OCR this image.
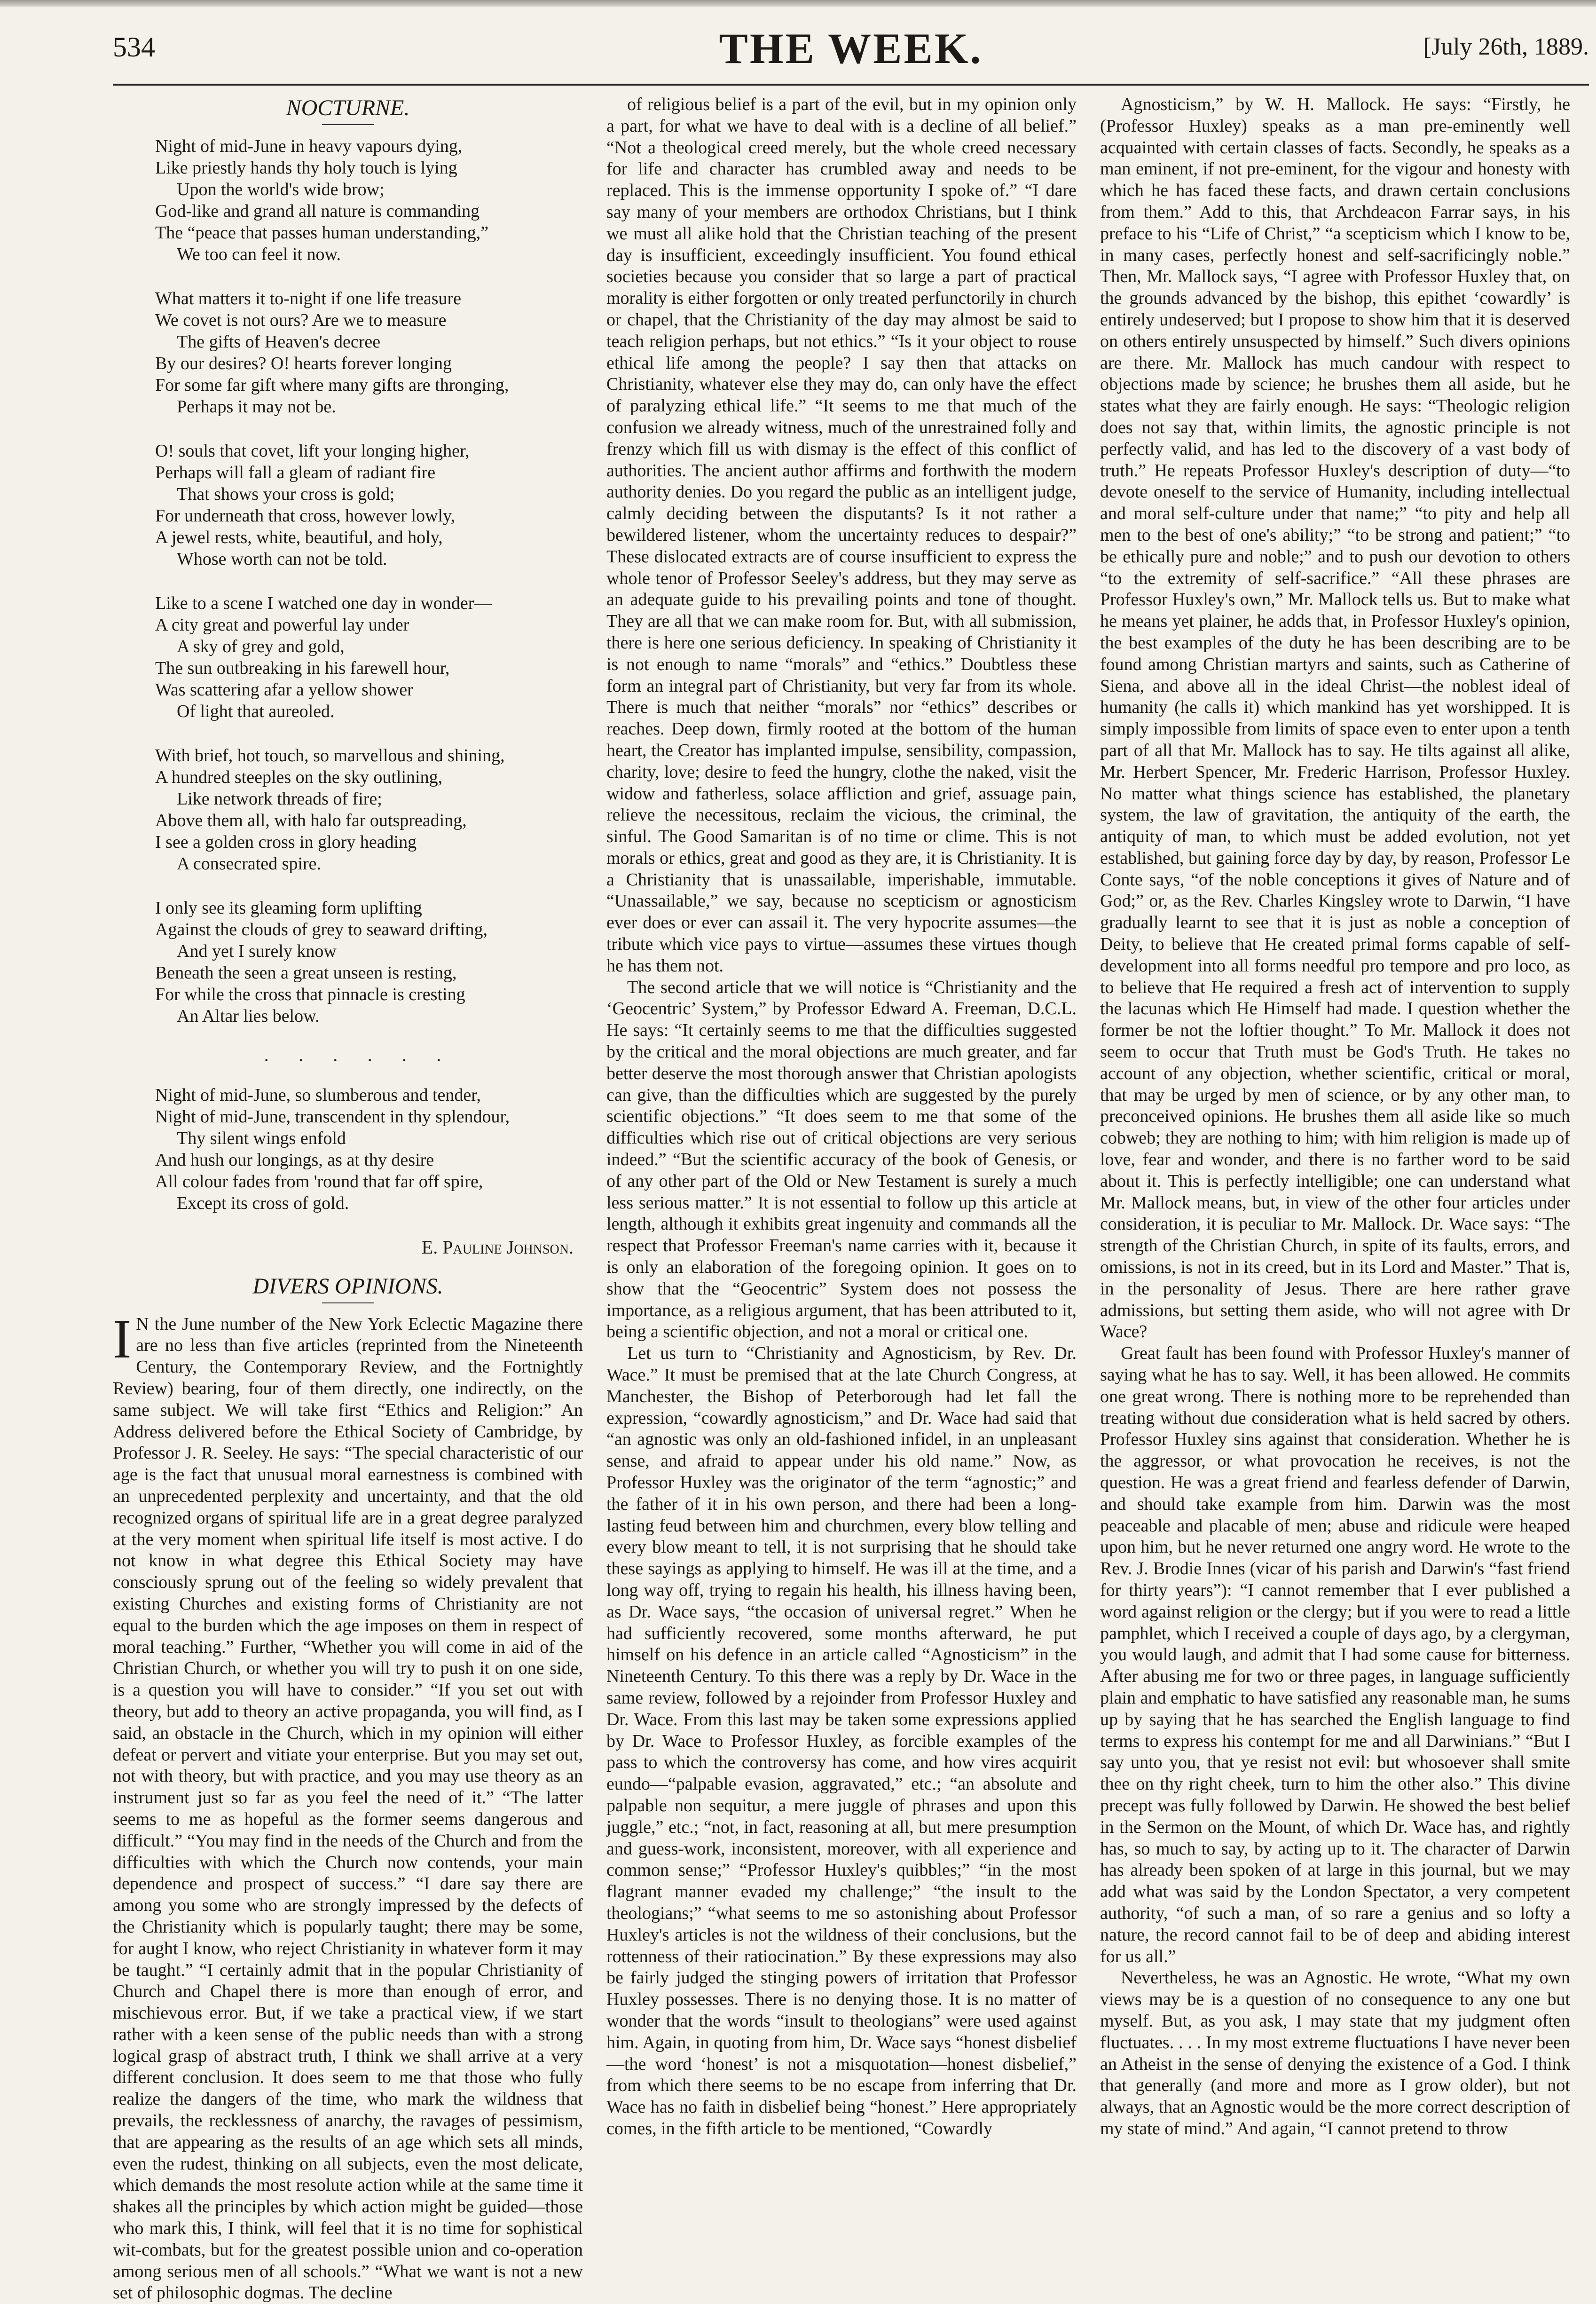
534	THE WEEK.	[July 26th, 1889.
NOCTURNE.
Night of mid-June in heavy vapours dying,
Like priestly hands thy holy touch is lying
Upon the world's wide brow;
God-like and grand all nature is commanding
The “peace that passes human understanding,”
We too can feel it now.
What matters it to-night if one life treasure
We covet is not ours? Are we to measure
The gifts of Heaven's decree
By our desires? O! hearts forever longing
For some far gift where many gifts are thronging,
Perhaps it may not be.
O! souls that covet, lift your longing higher,
Perhaps will fall a gleam of radiant fire
That shows your cross is gold;
For underneath that cross, however lowly,
A jewel rests, white, beautiful, and holy,
Whose worth can not be told.
Like to a scene I watched one day in wonder—
A city great and powerful lay under
A sky of grey and gold,
The sun outbreaking in his farewell hour,
Was scattering afar a yellow shower
Of light that aureoled.
With brief, hot touch, so marvellous and shining,
A hundred steeples on the sky outlining,
Like network threads of fire;
Above them all, with halo far outspreading,
I see a golden cross in glory heading
A consecrated spire.
I only see its gleaming form uplifting
Against the clouds of grey to seaward drifting,
And yet I surely know
Beneath the seen a great unseen is resting,
For while the cross that pinnacle is cresting
An Altar lies below.
······
Night of mid-June, so slumberous and tender,
Night of mid-June, transcendent in thy splendour,
Thy silent wings enfold
And hush our longings, as at thy desire
All colour fades from 'round that far off spire,
Except its cross of gold.
E. Pauline Johnson.
DIVERS OPINIONS.

I N the June number of the New York Eclectic Magazine there are no less than five articles (reprinted from the Nineteenth Century, the Contemporary Review, and the Fortnightly Review) bearing, four of them directly, one indirectly, on the same subject. We will take first “Ethics and Religion:” An Address delivered before the Ethical Society of Cambridge, by Professor J. R. Seeley. He says: “The special characteristic of our age is the fact that unusual moral earnestness is combined with an unprecedented perplexity and uncertainty, and that the old recognized organs of spiritual life are in a great degree paralyzed at the very moment when spiritual life itself is most active. I do not know in what degree this Ethical Society may have consciously sprung out of the feeling so widely prevalent that existing Churches and existing forms of Christianity are not equal to the burden which the age imposes on them in respect of moral teaching.” Further, “Whether you will come in aid of the Christian Church, or whether you will try to push it on one side, is a question you will have to consider.” “If you set out with theory, but add to theory an active propaganda, you will find, as I said, an obstacle in the Church, which in my opinion will either defeat or pervert and vitiate your enterprise. But you may set out, not with theory, but with practice, and you may use theory as an instrument just so far as you feel the need of it.” “The latter seems to me as hopeful as the former seems dangerous and difficult.” “You may find in the needs of the Church and from the difficulties with which the Church now contends, your main dependence and prospect of success.” “I dare say there are among you some who are strongly impressed by the defects of the Christianity which is popularly taught; there may be some, for aught I know, who reject Christianity in whatever form it may be taught.” “I certainly admit that in the popular Christianity of Church and Chapel there is more than enough of error, and mischievous error. But, if we take a practical view, if we start rather with a keen sense of the public needs than with a strong logical grasp of abstract truth, I think we shall arrive at a very different conclusion. It does seem to me that those who fully realize the dangers of the time, who mark the wildness that prevails, the recklessness of anarchy, the ravages of pessimism, that are appearing as the results of an age which sets all minds, even the rudest, thinking on all subjects, even the most delicate, which demands the most resolute action while at the same time it shakes all the principles by which action might be guided—those who mark this, I think, will feel that it is no time for sophistical wit-combats, but for the greatest possible union and co-operation among serious men of all schools.” “What we want is not a new set of philosophic dogmas. The decline

of religious belief is a part of the evil, but in my opinion only a part, for what we have to deal with is a decline of all belief.” “Not a theological creed merely, but the whole creed necessary for life and character has crumbled away and needs to be replaced. This is the immense opportunity I spoke of.” “I dare say many of your members are orthodox Christians, but I think we must all alike hold that the Christian teaching of the present day is insufficient, exceedingly insufficient. You found ethical societies because you consider that so large a part of practical morality is either forgotten or only treated perfunctorily in church or chapel, that the Christianity of the day may almost be said to teach religion perhaps, but not ethics.” “Is it your object to rouse ethical life among the people? I say then that attacks on Christianity, whatever else they may do, can only have the effect of paralyzing ethical life.” “It seems to me that much of the confusion we already witness, much of the unrestrained folly and frenzy which fill us with dismay is the effect of this conflict of authorities. The ancient author affirms and forthwith the modern authority denies. Do you regard the public as an intelligent judge, calmly deciding between the disputants? Is it not rather a bewildered listener, whom the uncertainty reduces to despair?” These dislocated extracts are of course insufficient to express the whole tenor of Professor Seeley's address, but they may serve as an adequate guide to his prevailing points and tone of thought. They are all that we can make room for. But, with all submission, there is here one serious deficiency. In speaking of Christianity it is not enough to name “morals” and “ethics.” Doubtless these form an integral part of Christianity, but very far from its whole. There is much that neither “morals” nor “ethics” describes or reaches. Deep down, firmly rooted at the bottom of the human heart, the Creator has implanted impulse, sensibility, compassion, charity, love; desire to feed the hungry, clothe the naked, visit the widow and fatherless, solace affliction and grief, assuage pain, relieve the necessitous, reclaim the vicious, the criminal, the sinful. The Good Samaritan is of no time or clime. This is not morals or ethics, great and good as they are, it is Christianity. It is a Christianity that is unassailable, imperishable, immutable. “Unassailable,” we say, because no scepticism or agnosticism ever does or ever can assail it. The very hypocrite assumes—the tribute which vice pays to virtue—assumes these virtues though he has them not.

The second article that we will notice is “Christianity and the ‘Geocentric’ System,” by Professor Edward A. Freeman, D.C.L. He says: “It certainly seems to me that the difficulties suggested by the critical and the moral objections are much greater, and far better deserve the most thorough answer that Christian apologists can give, than the difficulties which are suggested by the purely scientific objections.” “It does seem to me that some of the difficulties which rise out of critical objections are very serious indeed.” “But the scientific accuracy of the book of Genesis, or of any other part of the Old or New Testament is surely a much less serious matter.” It is not essential to follow up this article at length, although it exhibits great ingenuity and commands all the respect that Professor Freeman's name carries with it, because it is only an elaboration of the foregoing opinion. It goes on to show that the “Geocentric” System does not possess the importance, as a religious argument, that has been attributed to it, being a scientific objection, and not a moral or critical one.

Let us turn to “Christianity and Agnosticism, by Rev. Dr. Wace.” It must be premised that at the late Church Congress, at Manchester, the Bishop of Peterborough had let fall the expression, “cowardly agnosticism,” and Dr. Wace had said that “an agnostic was only an old-fashioned infidel, in an unpleasant sense, and afraid to appear under his old name.” Now, as Professor Huxley was the originator of the term “agnostic;” and the father of it in his own person, and there had been a long-lasting feud between him and churchmen, every blow telling and every blow meant to tell, it is not surprising that he should take these sayings as applying to himself. He was ill at the time, and a long way off, trying to regain his health, his illness having been, as Dr. Wace says, “the occasion of universal regret.” When he had sufficiently recovered, some months afterward, he put himself on his defence in an article called “Agnosticism” in the Nineteenth Century. To this there was a reply by Dr. Wace in the same review, followed by a rejoinder from Professor Huxley and Dr. Wace. From this last may be taken some expressions applied by Dr. Wace to Professor Huxley, as forcible examples of the pass to which the controversy has come, and how vires acquirit eundo—“palpable evasion, aggravated,” etc.; “an absolute and palpable non sequitur, a mere juggle of phrases and upon this juggle,” etc.; “not, in fact, reasoning at all, but mere presumption and guess-work, inconsistent, moreover, with all experience and common sense;” “Professor Huxley's quibbles;” “in the most flagrant manner evaded my challenge;” “the insult to the theologians;” “what seems to me so astonishing about Professor Huxley's articles is not the wildness of their conclusions, but the rottenness of their ratiocination.” By these expressions may also be fairly judged the stinging powers of irritation that Professor Huxley possesses. There is no denying those. It is no matter of wonder that the words “insult to theologians” were used against him. Again, in quoting from him, Dr. Wace says “honest disbelief—the word ‘honest’ is not a misquotation—honest disbelief,” from which there seems to be no escape from inferring that Dr. Wace has no faith in disbelief being “honest.” Here appropriately comes, in the fifth article to be mentioned, “Cowardly

Agnosticism,” by W. H. Mallock. He says: “Firstly, he (Professor Huxley) speaks as a man pre-eminently well acquainted with certain classes of facts. Secondly, he speaks as a man eminent, if not pre-eminent, for the vigour and honesty with which he has faced these facts, and drawn certain conclusions from them.” Add to this, that Archdeacon Farrar says, in his preface to his “Life of Christ,” “a scepticism which I know to be, in many cases, perfectly honest and self-sacrificingly noble.” Then, Mr. Mallock says, “I agree with Professor Huxley that, on the grounds advanced by the bishop, this epithet ‘cowardly’ is entirely undeserved; but I propose to show him that it is deserved on others entirely unsuspected by himself.” Such divers opinions are there. Mr. Mallock has much candour with respect to objections made by science; he brushes them all aside, but he states what they are fairly enough. He says: “Theologic religion does not say that, within limits, the agnostic principle is not perfectly valid, and has led to the discovery of a vast body of truth.” He repeats Professor Huxley's description of duty—“to devote oneself to the service of Humanity, including intellectual and moral self-culture under that name;” “to pity and help all men to the best of one's ability;” “to be strong and patient;” “to be ethically pure and noble;” and to push our devotion to others “to the extremity of self-sacrifice.” “All these phrases are Professor Huxley's own,” Mr. Mallock tells us. But to make what he means yet plainer, he adds that, in Professor Huxley's opinion, the best examples of the duty he has been describing are to be found among Christian martyrs and saints, such as Catherine of Siena, and above all in the ideal Christ—the noblest ideal of humanity (he calls it) which mankind has yet worshipped. It is simply impossible from limits of space even to enter upon a tenth part of all that Mr. Mallock has to say. He tilts against all alike, Mr. Herbert Spencer, Mr. Frederic Harrison, Professor Huxley. No matter what things science has established, the planetary system, the law of gravitation, the antiquity of the earth, the antiquity of man, to which must be added evolution, not yet established, but gaining force day by day, by reason, Professor Le Conte says, “of the noble conceptions it gives of Nature and of God;” or, as the Rev. Charles Kingsley wrote to Darwin, “I have gradually learnt to see that it is just as noble a conception of Deity, to believe that He created primal forms capable of self-development into all forms needful pro tempore and pro loco, as to believe that He required a fresh act of intervention to supply the lacunas which He Himself had made. I question whether the former be not the loftier thought.” To Mr. Mallock it does not seem to occur that Truth must be God's Truth. He takes no account of any objection, whether scientific, critical or moral, that may be urged by men of science, or by any other man, to preconceived opinions. He brushes them all aside like so much cobweb; they are nothing to him; with him religion is made up of love, fear and wonder, and there is no farther word to be said about it. This is perfectly intelligible; one can understand what Mr. Mallock means, but, in view of the other four articles under consideration, it is peculiar to Mr. Mallock. Dr. Wace says: “The strength of the Christian Church, in spite of its faults, errors, and omissions, is not in its creed, but in its Lord and Master.” That is, in the personality of Jesus. There are here rather grave admissions, but setting them aside, who will not agree with Dr Wace?

Great fault has been found with Professor Huxley's manner of saying what he has to say. Well, it has been allowed. He commits one great wrong. There is nothing more to be reprehended than treating without due consideration what is held sacred by others. Professor Huxley sins against that consideration. Whether he is the aggressor, or what provocation he receives, is not the question. He was a great friend and fearless defender of Darwin, and should take example from him. Darwin was the most peaceable and placable of men; abuse and ridicule were heaped upon him, but he never returned one angry word. He wrote to the Rev. J. Brodie Innes (vicar of his parish and Darwin's “fast friend for thirty years”): “I cannot remember that I ever published a word against religion or the clergy; but if you were to read a little pamphlet, which I received a couple of days ago, by a clergyman, you would laugh, and admit that I had some cause for bitterness. After abusing me for two or three pages, in language sufficiently plain and emphatic to have satisfied any reasonable man, he sums up by saying that he has searched the English language to find terms to express his contempt for me and all Darwinians.” “But I say unto you, that ye resist not evil: but whosoever shall smite thee on thy right cheek, turn to him the other also.” This divine precept was fully followed by Darwin. He showed the best belief in the Sermon on the Mount, of which Dr. Wace has, and rightly has, so much to say, by acting up to it. The character of Darwin has already been spoken of at large in this journal, but we may add what was said by the London Spectator, a very competent authority, “of such a man, of so rare a genius and so lofty a nature, the record cannot fail to be of deep and abiding interest for us all.”

Nevertheless, he was an Agnostic. He wrote, “What my own views may be is a question of no consequence to any one but myself. But, as you ask, I may state that my judgment often fluctuates. . . . In my most extreme fluctuations I have never been an Atheist in the sense of denying the existence of a God. I think that generally (and more and more as I grow older), but not always, that an Agnostic would be the more correct description of my state of mind.” And again, “I cannot pretend to throw
